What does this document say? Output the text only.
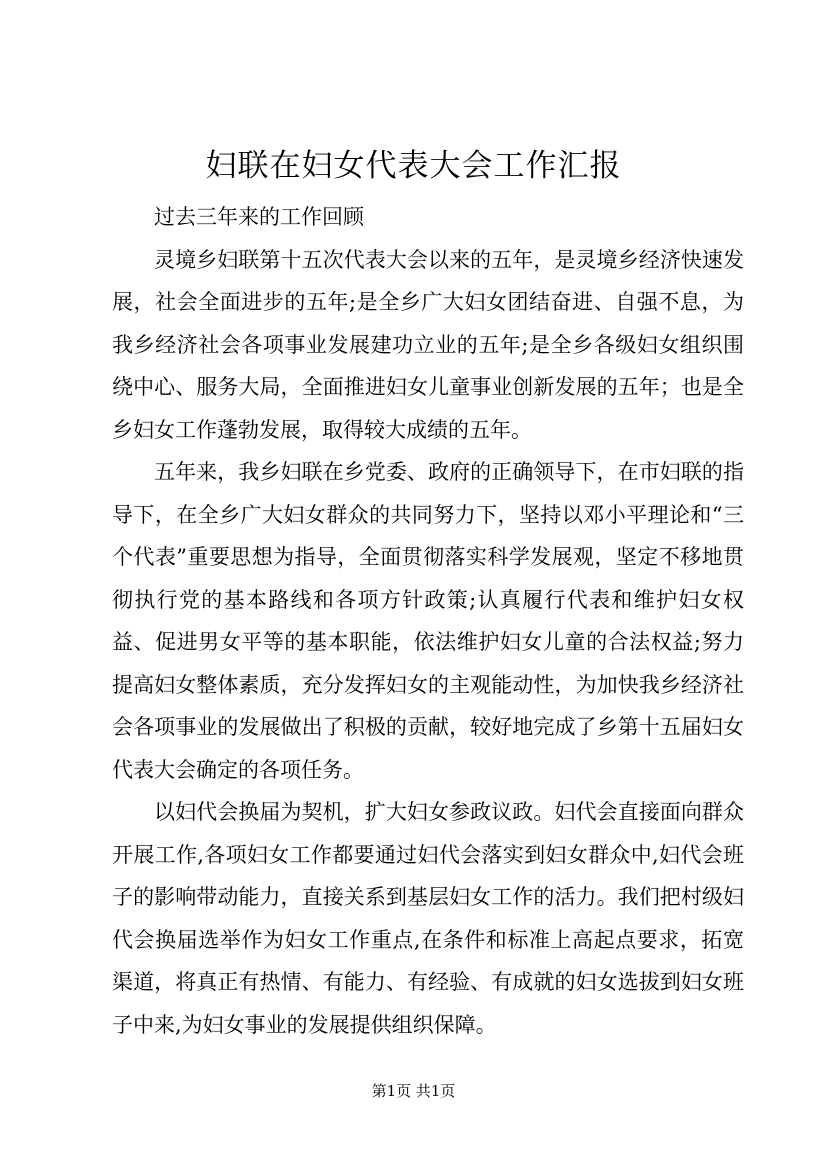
妇联在妇女代表大会工作汇报

过去三年来的工作回顾

灵境乡妇联第十五次代表大会以来的五年，是灵境乡经济快速发展，社会全面进步的五年;是全乡广大妇女团结奋进、自强不息，为我乡经济社会各项事业发展建功立业的五年;是全乡各级妇女组织围绕中心、服务大局，全面推进妇女儿童事业创新发展的五年；也是全乡妇女工作蓬勃发展，取得较大成绩的五年。

五年来，我乡妇联在乡党委、政府的正确领导下，在市妇联的指导下，在全乡广大妇女群众的共同努力下，坚持以邓小平理论和“三个代表”重要思想为指导，全面贯彻落实科学发展观，坚定不移地贯彻执行党的基本路线和各项方针政策;认真履行代表和维护妇女权益、促进男女平等的基本职能，依法维护妇女儿童的合法权益;努力提高妇女整体素质，充分发挥妇女的主观能动性，为加快我乡经济社会各项事业的发展做出了积极的贡献，较好地完成了乡第十五届妇女代表大会确定的各项任务。

以妇代会换届为契机，扩大妇女参政议政。妇代会直接面向群众开展工作,各项妇女工作都要通过妇代会落实到妇女群众中,妇代会班子的影响带动能力，直接关系到基层妇女工作的活力。我们把村级妇代会换届选举作为妇女工作重点,在条件和标准上高起点要求，拓宽渠道，将真正有热情、有能力、有经验、有成就的妇女选拔到妇女班子中来,为妇女事业的发展提供组织保障。

第1页 共1页
